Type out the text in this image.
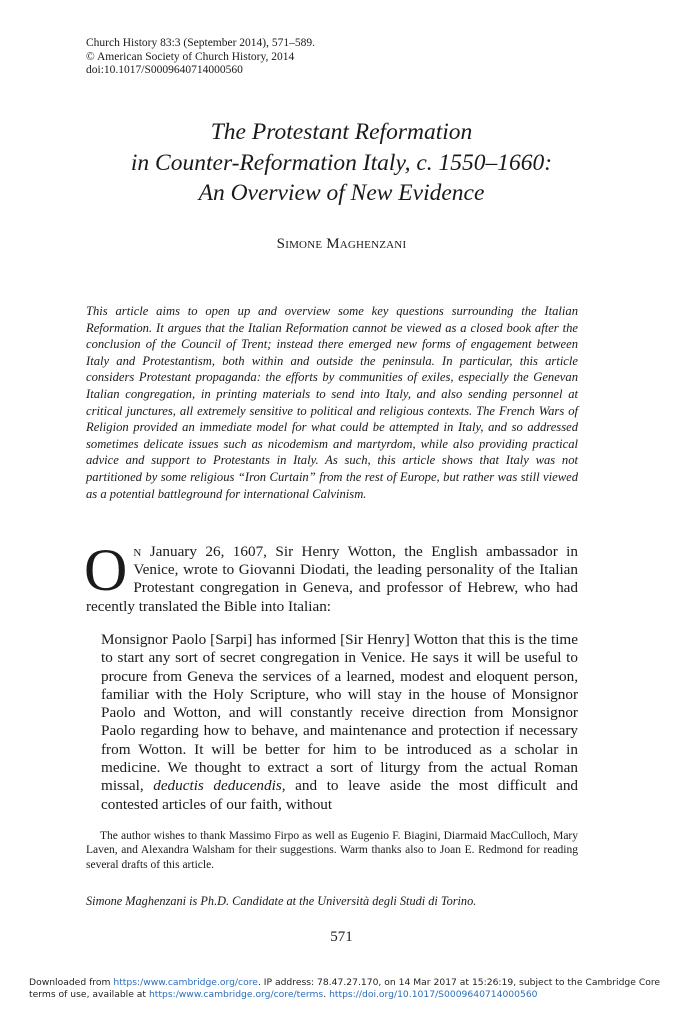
Church History 83:3 (September 2014), 571–589.
© American Society of Church History, 2014
doi:10.1017/S0009640714000560
The Protestant Reformation
in Counter-Reformation Italy, c. 1550–1660:
An Overview of New Evidence
Simone Maghenzani
This article aims to open up and overview some key questions surrounding the Italian Reformation. It argues that the Italian Reformation cannot be viewed as a closed book after the conclusion of the Council of Trent; instead there emerged new forms of engagement between Italy and Protestantism, both within and outside the peninsula. In particular, this article considers Protestant propaganda: the efforts by communities of exiles, especially the Genevan Italian congregation, in printing materials to send into Italy, and also sending personnel at critical junctures, all extremely sensitive to political and religious contexts. The French Wars of Religion provided an immediate model for what could be attempted in Italy, and so addressed sometimes delicate issues such as nicodemism and martyrdom, while also providing practical advice and support to Protestants in Italy. As such, this article shows that Italy was not partitioned by some religious “Iron Curtain” from the rest of Europe, but rather was still viewed as a potential battleground for international Calvinism.
On January 26, 1607, Sir Henry Wotton, the English ambassador in Venice, wrote to Giovanni Diodati, the leading personality of the Italian Protestant congregation in Geneva, and professor of Hebrew, who had recently translated the Bible into Italian:
Monsignor Paolo [Sarpi] has informed [Sir Henry] Wotton that this is the time to start any sort of secret congregation in Venice. He says it will be useful to procure from Geneva the services of a learned, modest and eloquent person, familiar with the Holy Scripture, who will stay in the house of Monsignor Paolo and Wotton, and will constantly receive direction from Monsignor Paolo regarding how to behave, and maintenance and protection if necessary from Wotton. It will be better for him to be introduced as a scholar in medicine. We thought to extract a sort of liturgy from the actual Roman missal, deductis deducendis, and to leave aside the most difficult and contested articles of our faith, without
The author wishes to thank Massimo Firpo as well as Eugenio F. Biagini, Diarmaid MacCulloch, Mary Laven, and Alexandra Walsham for their suggestions. Warm thanks also to Joan E. Redmond for reading several drafts of this article.
Simone Maghenzani is Ph.D. Candidate at the Università degli Studi di Torino.
571
Downloaded from https:/www.cambridge.org/core. IP address: 78.47.27.170, on 14 Mar 2017 at 15:26:19, subject to the Cambridge Core
terms of use, available at https:/www.cambridge.org/core/terms. https://doi.org/10.1017/S0009640714000560
